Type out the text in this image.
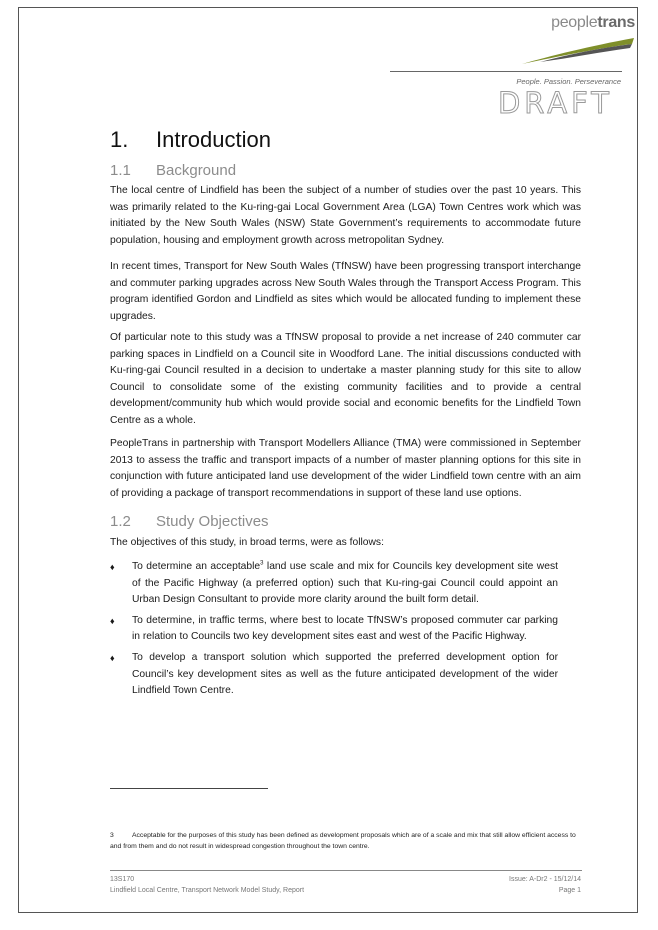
peopletrans
People. Passion. Perseverance
DRAFT
1. Introduction
1.1 Background

The local centre of Lindfield has been the subject of a number of studies over the past 10 years. This was primarily related to the Ku-ring-gai Local Government Area (LGA) Town Centres work which was initiated by the New South Wales (NSW) State Government’s requirements to accommodate future population, housing and employment growth across metropolitan Sydney.

In recent times, Transport for New South Wales (TfNSW) have been progressing transport interchange and commuter parking upgrades across New South Wales through the Transport Access Program. This program identified Gordon and Lindfield as sites which would be allocated funding to implement these upgrades.

Of particular note to this study was a TfNSW proposal to provide a net increase of 240 commuter car parking spaces in Lindfield on a Council site in Woodford Lane. The initial discussions conducted with Ku-ring-gai Council resulted in a decision to undertake a master planning study for this site to allow Council to consolidate some of the existing community facilities and to provide a central development/community hub which would provide social and economic benefits for the Lindfield Town Centre as a whole.

PeopleTrans in partnership with Transport Modellers Alliance (TMA) were commissioned in September 2013 to assess the traffic and transport impacts of a number of master planning options for this site in conjunction with future anticipated land use development of the wider Lindfield town centre with an aim of providing a package of transport recommendations in support of these land use options.

1.2 Study Objectives

The objectives of this study, in broad terms, were as follows:

♦ To determine an acceptable$^3$ land use scale and mix for Councils key development site west of the Pacific Highway (a preferred option) such that Ku-ring-gai Council could appoint an Urban Design Consultant to provide more clarity around the built form detail.
♦ To determine, in traffic terms, where best to locate TfNSW’s proposed commuter car parking in relation to Councils two key development sites east and west of the Pacific Highway.
♦ To develop a transport solution which supported the preferred development option for Council’s key development sites as well as the future anticipated development of the wider Lindfield Town Centre.
3	Acceptable for the purposes of this study has been defined as development proposals which are of a scale and mix that still allow efficient access to and from them and do not result in widespread congestion throughout the town centre.
13S170
Lindfield Local Centre, Transport Network Model Study, Report
Issue: A-Dr2 - 15/12/14
Page 1
